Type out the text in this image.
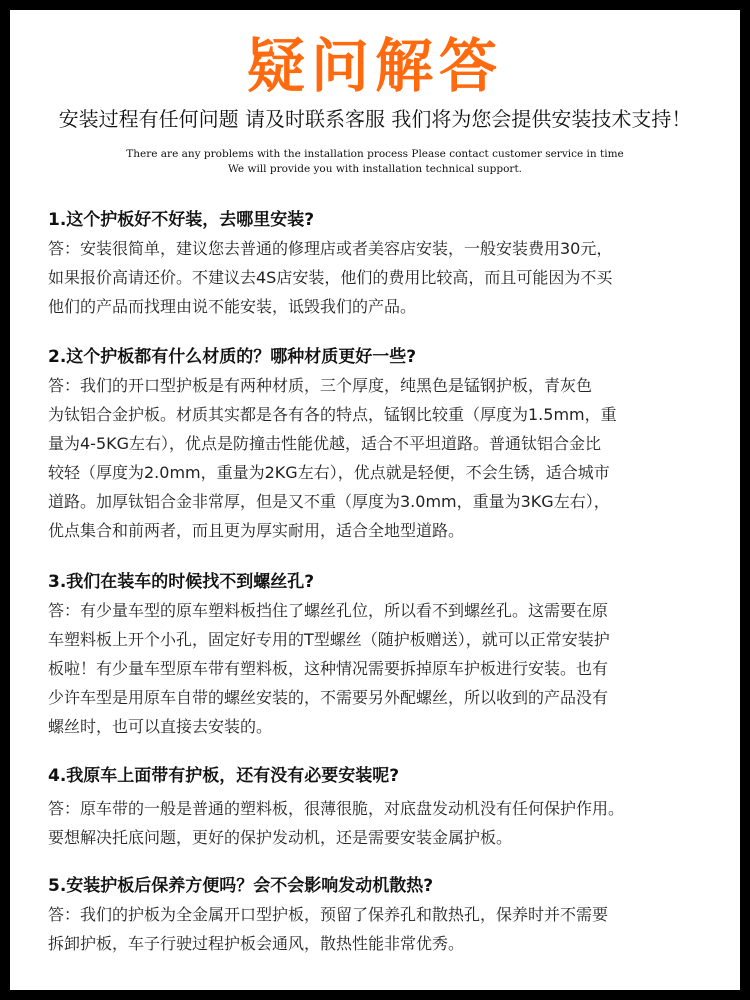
疑问解答
安装过程有任何问题 请及时联系客服 我们将为您会提供安装技术支持！
There are any problems with the installation process Please contact customer service in time
We will provide you with installation technical support.

1.这个护板好不好装，去哪里安装?

答：安装很简单，建议您去普通的修理店或者美容店安装，一般安装费用30元，

如果报价高请还价。不建议去4S店安装，他们的费用比较高，而且可能因为不买

他们的产品而找理由说不能安装，诋毁我们的产品。

2.这个护板都有什么材质的？哪种材质更好一些?

答：我们的开口型护板是有两种材质，三个厚度，纯黑色是锰钢护板，青灰色

为钛铝合金护板。材质其实都是各有各的特点，锰钢比较重（厚度为1.5mm，重

量为4-5KG左右），优点是防撞击性能优越，适合不平坦道路。普通钛铝合金比

较轻（厚度为2.0mm，重量为2KG左右），优点就是轻便，不会生锈，适合城市

道路。加厚钛铝合金非常厚，但是又不重（厚度为3.0mm，重量为3KG左右），

优点集合和前两者，而且更为厚实耐用，适合全地型道路。

3.我们在装车的时候找不到螺丝孔?

答：有少量车型的原车塑料板挡住了螺丝孔位，所以看不到螺丝孔。这需要在原

车塑料板上开个小孔，固定好专用的T型螺丝（随护板赠送），就可以正常安装护

板啦！有少量车型原车带有塑料板，这种情况需要拆掉原车护板进行安装。也有

少许车型是用原车自带的螺丝安装的，不需要另外配螺丝，所以收到的产品没有

螺丝时，也可以直接去安装的。

4.我原车上面带有护板，还有没有必要安装呢?

答：原车带的一般是普通的塑料板，很薄很脆，对底盘发动机没有任何保护作用。

要想解决托底问题，更好的保护发动机，还是需要安装金属护板。

5.安装护板后保养方便吗？会不会影响发动机散热?

答：我们的护板为全金属开口型护板，预留了保养孔和散热孔，保养时并不需要

拆卸护板，车子行驶过程护板会通风，散热性能非常优秀。
